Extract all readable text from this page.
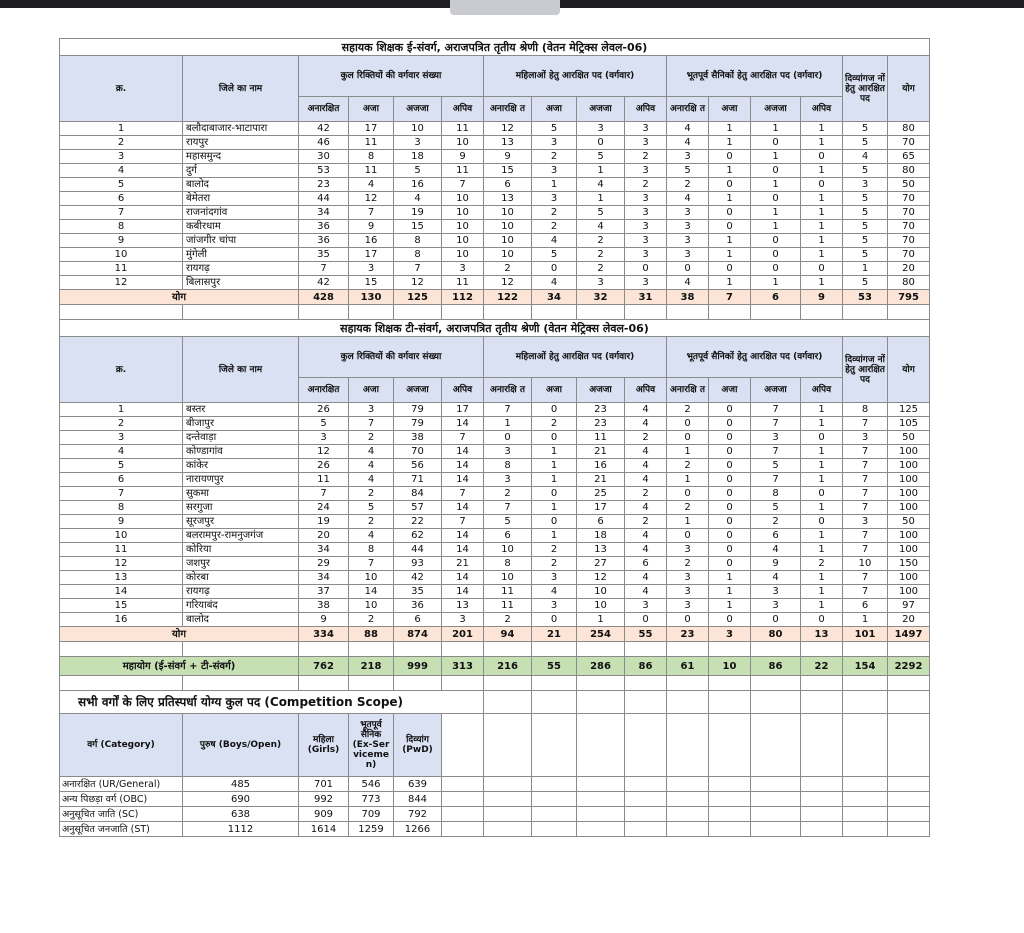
सहायक शिक्षक ई-संवर्ग, अराजपत्रित तृतीय श्रेणी (वेतन मेट्रिक्स लेवल-06)															
क्र.	जिले का नाम	कुल रिक्तियों की वर्गवार संख्या				महिलाओं हेतु आरक्षित पद (वर्गवार)				भूतपूर्व सैनिकों हेतु आरक्षित पद (वर्गवार)				दिव्यांगज नों हेतु आरक्षित पद	योग
		अनारक्षित	अजा	अजजा	अपिव	अनारक्षि त	अजा	अजजा	अपिव	अनारक्षि त	अजा	अजजा	अपिव		
1	बलौदाबाजार-भाटापारा	42	17	10	11	12	5	3	3	4	1	1	1	5	80
2	रायपुर	46	11	3	10	13	3	0	3	4	1	0	1	5	70
3	महासमुन्द	30	8	18	9	9	2	5	2	3	0	1	0	4	65
4	दुर्ग	53	11	5	11	15	3	1	3	5	1	0	1	5	80
5	बालोद	23	4	16	7	6	1	4	2	2	0	1	0	3	50
6	बेमेतरा	44	12	4	10	13	3	1	3	4	1	0	1	5	70
7	राजनांदगांव	34	7	19	10	10	2	5	3	3	0	1	1	5	70
8	कबीरधाम	36	9	15	10	10	2	4	3	3	0	1	1	5	70
9	जांजगीर चांपा	36	16	8	10	10	4	2	3	3	1	0	1	5	70
10	मुंगेली	35	17	8	10	10	5	2	3	3	1	0	1	5	70
11	रायगढ़	7	3	7	3	2	0	2	0	0	0	0	0	1	20
12	बिलासपुर	42	15	12	11	12	4	3	3	4	1	1	1	5	80
योग		428	130	125	112	122	34	32	31	38	7	6	9	53	795

सहायक शिक्षक टी-संवर्ग, अराजपत्रित तृतीय श्रेणी (वेतन मेट्रिक्स लेवल-06)															
क्र.	जिले का नाम	कुल रिक्तियों की वर्गवार संख्या				महिलाओं हेतु आरक्षित पद (वर्गवार)				भूतपूर्व सैनिकों हेतु आरक्षित पद (वर्गवार)				दिव्यांगज नों हेतु आरक्षित पद	योग
		अनारक्षित	अजा	अजजा	अपिव	अनारक्षि त	अजा	अजजा	अपिव	अनारक्षि त	अजा	अजजा	अपिव		
1	बस्तर	26	3	79	17	7	0	23	4	2	0	7	1	8	125
2	बीजापुर	5	7	79	14	1	2	23	4	0	0	7	1	7	105
3	दन्तेवाड़ा	3	2	38	7	0	0	11	2	0	0	3	0	3	50
4	कोण्डागांव	12	4	70	14	3	1	21	4	1	0	7	1	7	100
5	कांकेर	26	4	56	14	8	1	16	4	2	0	5	1	7	100
6	नारायणपुर	11	4	71	14	3	1	21	4	1	0	7	1	7	100
7	सुकमा	7	2	84	7	2	0	25	2	0	0	8	0	7	100
8	सरगुजा	24	5	57	14	7	1	17	4	2	0	5	1	7	100
9	सूरजपुर	19	2	22	7	5	0	6	2	1	0	2	0	3	50
10	बलरामपुर-रामनुजगंज	20	4	62	14	6	1	18	4	0	0	6	1	7	100
11	कोरिया	34	8	44	14	10	2	13	4	3	0	4	1	7	100
12	जशपुर	29	7	93	21	8	2	27	6	2	0	9	2	10	150
13	कोरबा	34	10	42	14	10	3	12	4	3	1	4	1	7	100
14	रायगढ़	37	14	35	14	11	4	10	4	3	1	3	1	7	100
15	गरियाबंद	38	10	36	13	11	3	10	3	3	1	3	1	6	97
16	बालोद	9	2	6	3	2	0	1	0	0	0	0	0	1	20
योग		334	88	874	201	94	21	254	55	23	3	80	13	101	1497

महायोग (ई-संवर्ग + टी-संवर्ग)		762	218	999	313	216	55	286	86	61	10	86	22	154	2292

सभी वर्गों के लिए प्रतिस्पर्धा योग्य कुल पद (Competition Scope)															
वर्ग (Category)	पुरुष (Boys/Open)	महिला (Girls)	भूतपूर्व सैनिक (Ex-Ser viceme n)	दिव्यांग (PwD)											
अनारक्षित (UR/General)	485	701	546	639											
अन्य पिछड़ा वर्ग (OBC)	690	992	773	844											
अनुसूचित जाति (SC)	638	909	709	792											
अनुसूचित जनजाति (ST)	1112	1614	1259	1266											
